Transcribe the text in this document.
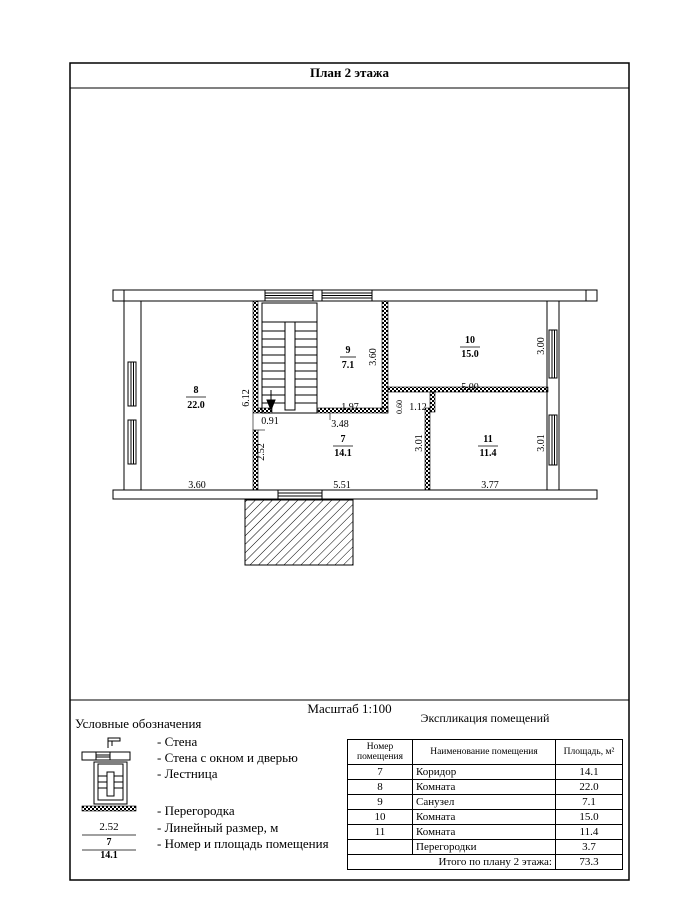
8
22.0
9
7.1
10
15.0
7
14.1
11
11.4
6.12
0.91
2.52
3.60	5.51	3.77
1.97
3.48
3.60
0.60 1.12
5.00
3.00
3.01	3.01
План 2 этажа
Масштаб 1:100
Условные обозначения
- Стена
- Стена с окном и дверью
- Лестница
- Перегородка
- Линейный размер, м
- Номер и площадь помещения
2.52
7
14.1
Экспликация помещений
Номер помещения	Наименование помещения	Площадь, м²
7	Коридор	14.1
8	Комната	22.0
9	Санузел	7.1
10	Комната	15.0
11	Комната	11.4
	Перегородки	3.7
Итого по плану 2 этажа:		73.3
